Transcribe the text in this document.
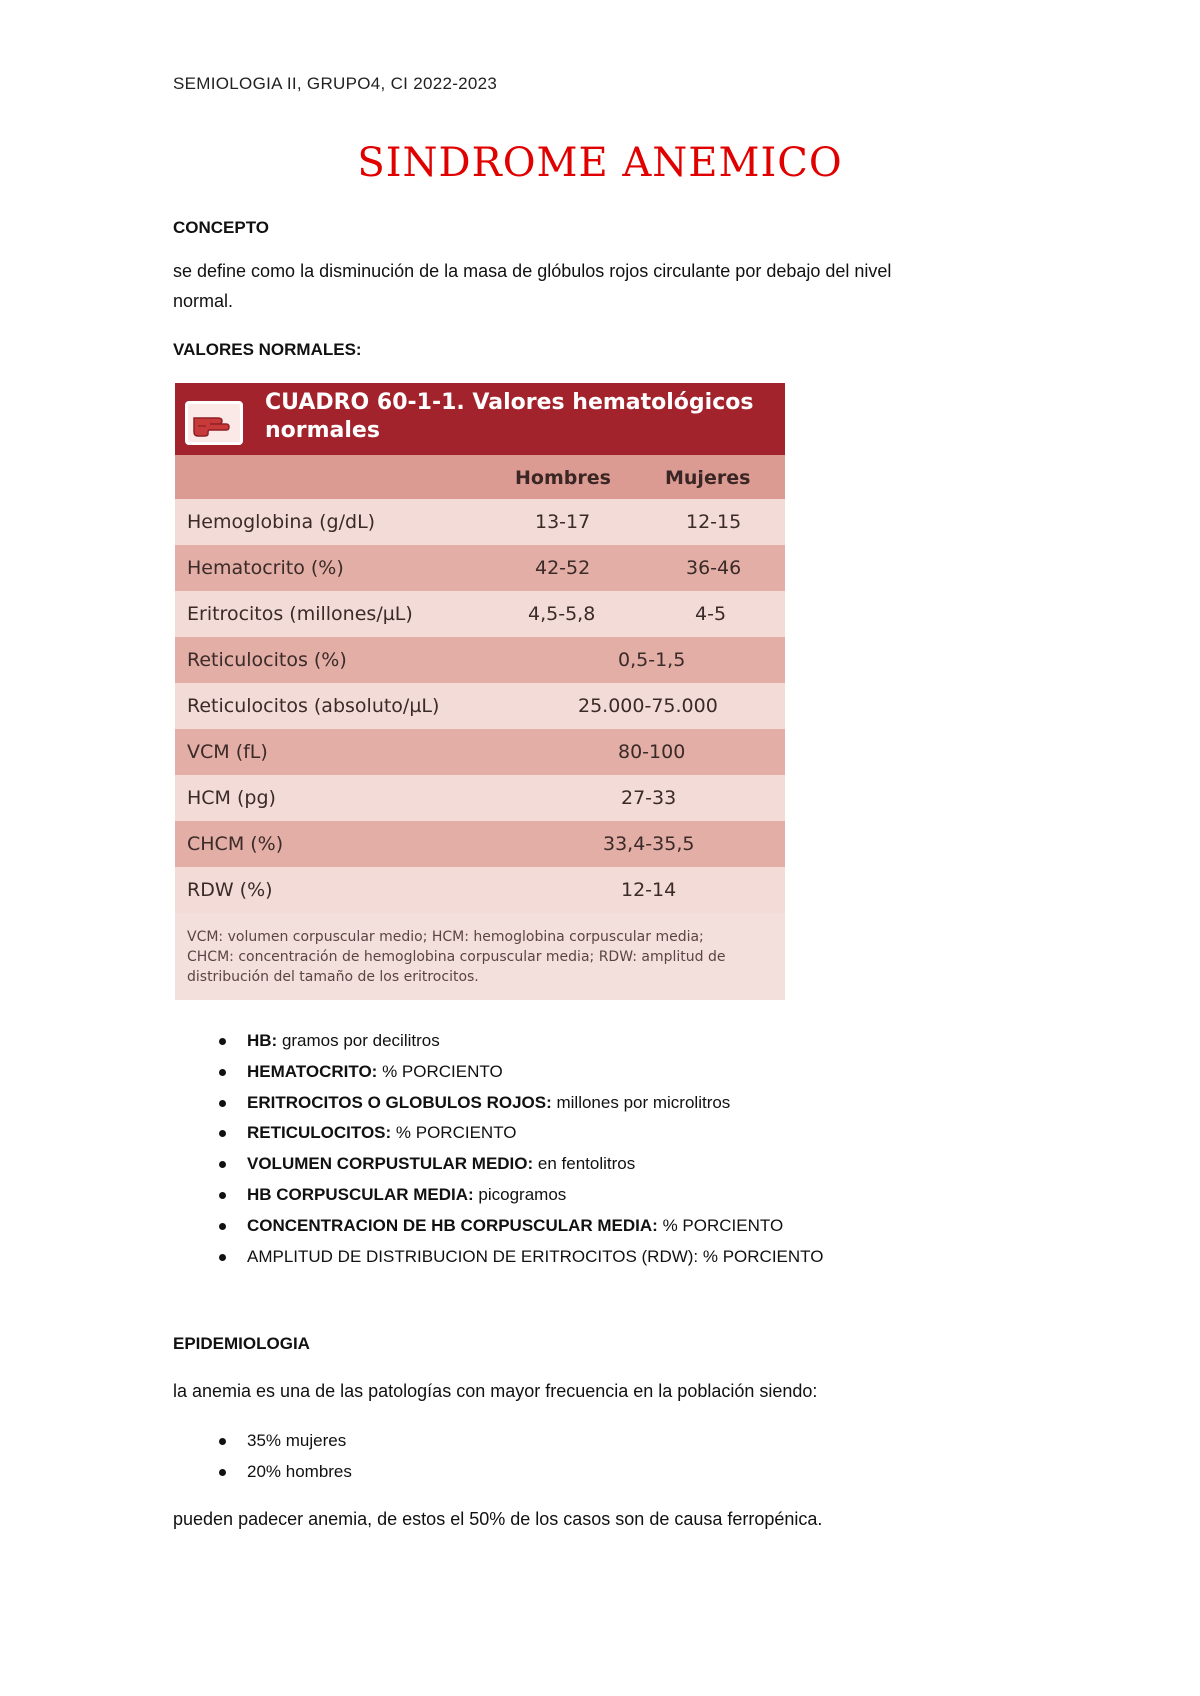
SEMIOLOGIA II, GRUPO4, CI 2022-2023
SINDROME ANEMICO
CONCEPTO
se define como la disminución de la masa de glóbulos rojos circulante por debajo del nivel
normal.
VALORES NORMALES:
CUADRO 60-1-1. Valores hematológicos
normales
Hombres	Mujeres
Hemoglobina (g/dL)	13-17	12-15
Hematocrito (%)	42-52	36-46
Eritrocitos (millones/µL)	4,5-5,8	4-5
Reticulocitos (%)	0,5-1,5
Reticulocitos (absoluto/µL)	25.000-75.000
VCM (fL)	80-100
HCM (pg)	27-33
CHCM (%)	33,4-35,5
RDW (%)	12-14
VCM: volumen corpuscular medio; HCM: hemoglobina corpuscular media;
CHCM: concentración de hemoglobina corpuscular media; RDW: amplitud de
distribución del tamaño de los eritrocitos.
HB: gramos por decilitros
HEMATOCRITO: % PORCIENTO
ERITROCITOS O GLOBULOS ROJOS: millones por microlitros
RETICULOCITOS: % PORCIENTO
VOLUMEN CORPUSTULAR MEDIO: en fentolitros
HB CORPUSCULAR MEDIA: picogramos
CONCENTRACION DE HB CORPUSCULAR MEDIA: % PORCIENTO
AMPLITUD DE DISTRIBUCION DE ERITROCITOS (RDW): % PORCIENTO
EPIDEMIOLOGIA
la anemia es una de las patologías con mayor frecuencia en la población siendo:
35% mujeres
20% hombres
pueden padecer anemia, de estos el 50% de los casos son de causa ferropénica.
